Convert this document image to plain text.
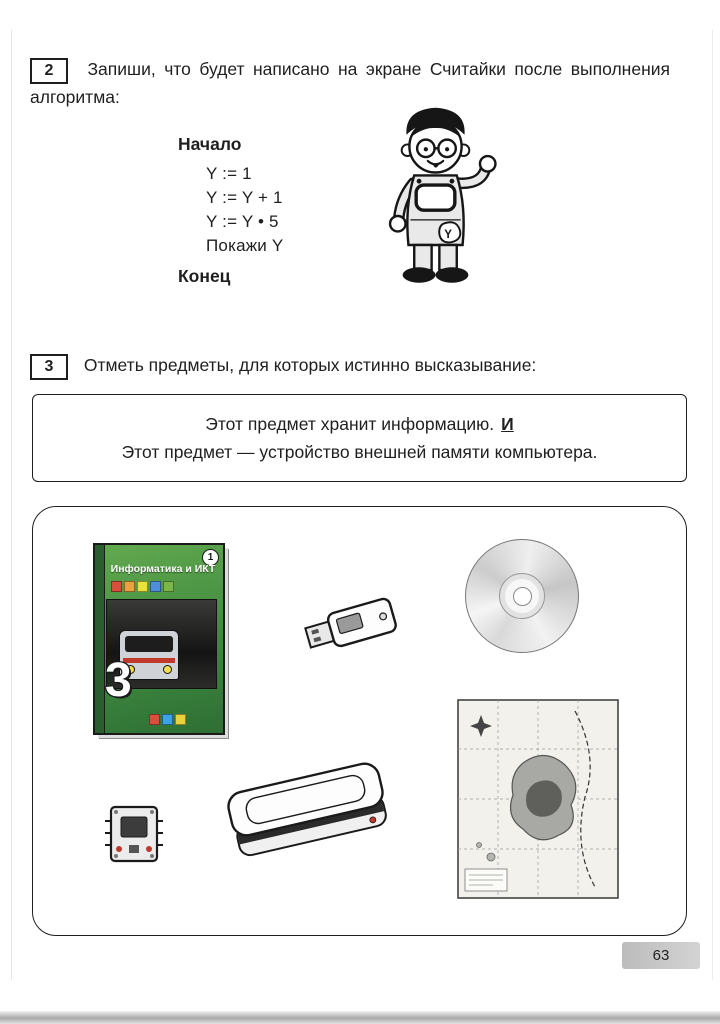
2 Запиши, что будет написано на экране Считайки после выполнения алгоритма:
Начало
Y := 1
Y := Y + 1
Y := Y • 5
Покажи Y
Конец
Y
3 Отметь предметы, для которых истинно высказывание:
Этот предмет хранит информацию. И
Этот предмет — устройство внешней памяти компьютера.
1
Информатика и ИКТ
3
63
